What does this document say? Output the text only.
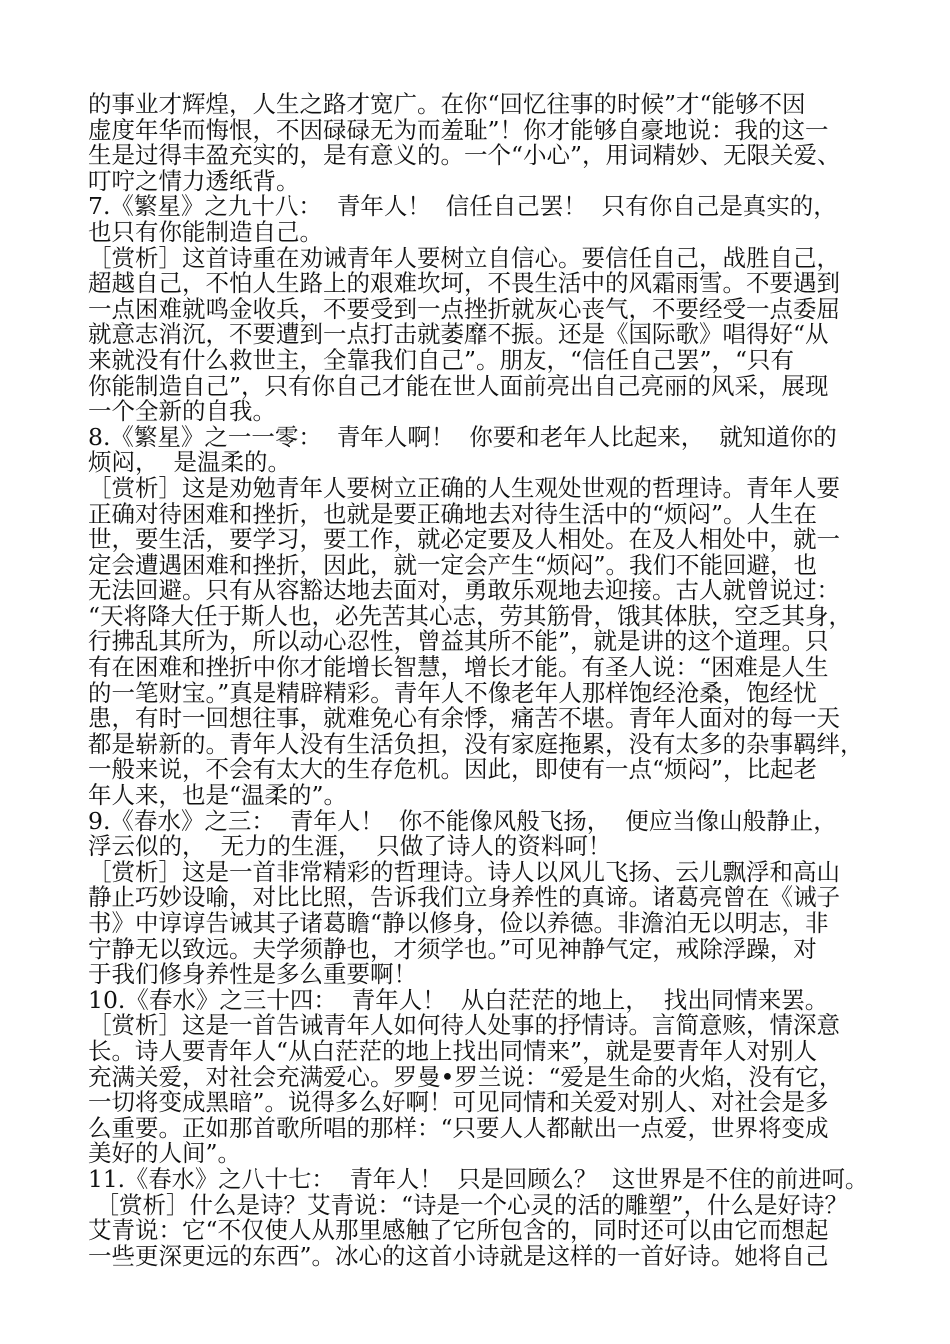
的事业才辉煌，人生之路才宽广。在你“回忆往事的时候”才“能够不因
虚度年华而悔恨，不因碌碌无为而羞耻”！你才能够自豪地说：我的这一
生是过得丰盈充实的，是有意义的。一个“小心”，用词精妙、无限关爱、
叮咛之情力透纸背。
7.《繁星》之九十八：  青年人！  信任自己罢！  只有你自己是真实的，
也只有你能制造自己。
［赏析］这首诗重在劝诫青年人要树立自信心。要信任自己，战胜自己，
超越自己，不怕人生路上的艰难坎坷，不畏生活中的风霜雨雪。不要遇到
一点困难就鸣金收兵，不要受到一点挫折就灰心丧气，不要经受一点委屈
就意志消沉，不要遭到一点打击就萎靡不振。还是《国际歌》唱得好“从
来就没有什么救世主，全靠我们自己”。朋友，“信任自己罢”，“只有
你能制造自己”，只有你自己才能在世人面前亮出自己亮丽的风采，展现
一个全新的自我。
8.《繁星》之一一零：  青年人啊！  你要和老年人比起来，  就知道你的
烦闷，  是温柔的。
［赏析］这是劝勉青年人要树立正确的人生观处世观的哲理诗。青年人要
正确对待困难和挫折，也就是要正确地去对待生活中的“烦闷”。人生在
世，要生活，要学习，要工作，就必定要及人相处。在及人相处中，就一
定会遭遇困难和挫折，因此，就一定会产生“烦闷”。我们不能回避，也
无法回避。只有从容豁达地去面对，勇敢乐观地去迎接。古人就曾说过：
“天将降大任于斯人也，必先苦其心志，劳其筋骨，饿其体肤，空乏其身，
行拂乱其所为，所以动心忍性，曾益其所不能”，就是讲的这个道理。只
有在困难和挫折中你才能增长智慧，增长才能。有圣人说：“困难是人生
的一笔财宝。”真是精辟精彩。青年人不像老年人那样饱经沧桑，饱经忧
患，有时一回想往事，就难免心有余悸，痛苦不堪。青年人面对的每一天
都是崭新的。青年人没有生活负担，没有家庭拖累，没有太多的杂事羁绊，
一般来说，不会有太大的生存危机。因此，即使有一点“烦闷”，比起老
年人来，也是“温柔的”。
9.《春水》之三：  青年人！  你不能像风般飞扬，  便应当像山般静止，
浮云似的，  无力的生涯，  只做了诗人的资料呵！
［赏析］这是一首非常精彩的哲理诗。诗人以风儿飞扬、云儿飘浮和高山
静止巧妙设喻，对比比照，告诉我们立身养性的真谛。诸葛亮曾在《诫子
书》中谆谆告诫其子诸葛瞻“静以修身，俭以养德。非澹泊无以明志，非
宁静无以致远。夫学须静也，才须学也。”可见神静气定，戒除浮躁，对
于我们修身养性是多么重要啊！
10.《春水》之三十四：  青年人！  从白茫茫的地上，  找出同情来罢。
［赏析］这是一首告诫青年人如何待人处事的抒情诗。言简意赅，情深意
长。诗人要青年人“从白茫茫的地上找出同情来”，就是要青年人对别人
充满关爱，对社会充满爱心。罗曼•罗兰说：“爱是生命的火焰，没有它，
一切将变成黑暗”。说得多么好啊！可见同情和关爱对别人、对社会是多
么重要。正如那首歌所唱的那样：“只要人人都献出一点爱，世界将变成
美好的人间”。
11.《春水》之八十七：  青年人！  只是回顾么？  这世界是不住的前进呵。
［赏析］什么是诗？艾青说：“诗是一个心灵的活的雕塑”，什么是好诗？
艾青说：它“不仅使人从那里感触了它所包含的，同时还可以由它而想起
一些更深更远的东西”。冰心的这首小诗就是这样的一首好诗。她将自己
